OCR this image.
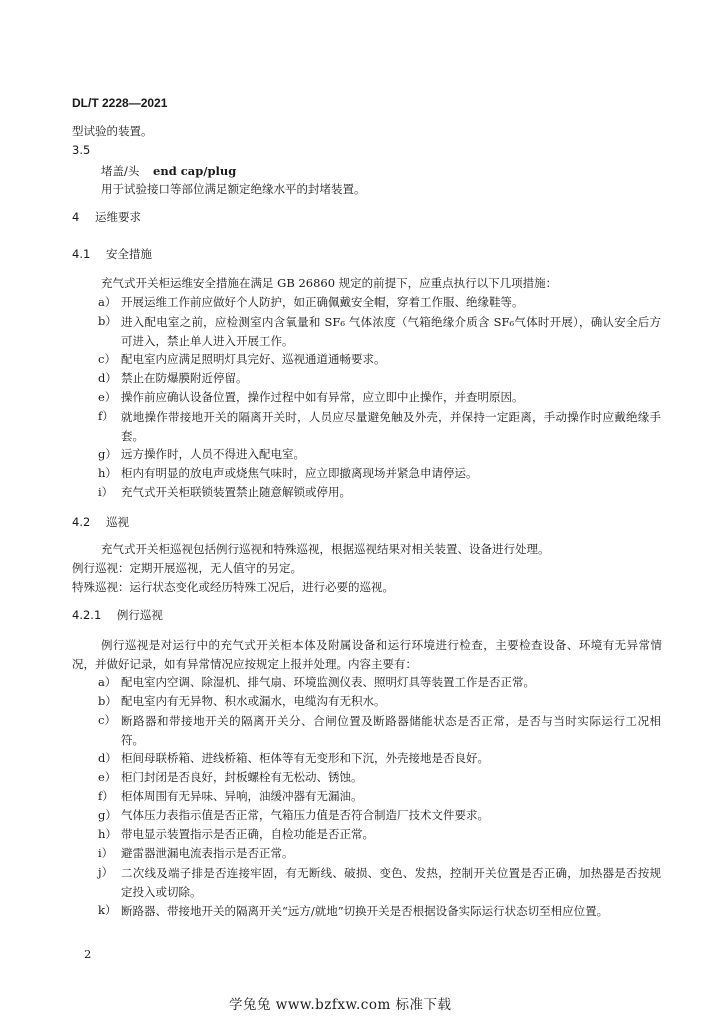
DL/T 2228—2021
型试验的装置。
3.5
堵盖/头 end cap/plug
用于试验接口等部位满足额定绝缘水平的封堵装置。
4 运维要求
4.1 安全措施
充气式开关柜运维安全措施在满足 GB 26860 规定的前提下，应重点执行以下几项措施：
a） 开展运维工作前应做好个人防护，如正确佩戴安全帽，穿着工作服、绝缘鞋等。
b） 进入配电室之前，应检测室内含氧量和 SF₆ 气体浓度（气箱绝缘介质含 SF₆气体时开展），确认安全后方可进入，禁止单人进入开展工作。
c） 配电室内应满足照明灯具完好、巡视通道通畅要求。
d） 禁止在防爆膜附近停留。
e） 操作前应确认设备位置，操作过程中如有异常，应立即中止操作，并查明原因。
f） 就地操作带接地开关的隔离开关时，人员应尽量避免触及外壳，并保持一定距离，手动操作时应戴绝缘手套。
g） 远方操作时，人员不得进入配电室。
h） 柜内有明显的放电声或烧焦气味时，应立即撤离现场并紧急申请停运。
i） 充气式开关柜联锁装置禁止随意解锁或停用。
4.2 巡视
充气式开关柜巡视包括例行巡视和特殊巡视，根据巡视结果对相关装置、设备进行处理。
例行巡视：定期开展巡视，无人值守的另定。
特殊巡视：运行状态变化或经历特殊工况后，进行必要的巡视。
4.2.1 例行巡视
例行巡视是对运行中的充气式开关柜本体及附属设备和运行环境进行检查，主要检查设备、环境有无异常情况，并做好记录，如有异常情况应按规定上报并处理。内容主要有：
a） 配电室内空调、除湿机、排气扇、环境监测仪表、照明灯具等装置工作是否正常。
b） 配电室内有无异物、积水或漏水，电缆沟有无积水。
c） 断路器和带接地开关的隔离开关分、合闸位置及断路器储能状态是否正常，是否与当时实际运行工况相符。
d） 柜间母联桥箱、进线桥箱、柜体等有无变形和下沉，外壳接地是否良好。
e） 柜门封闭是否良好，封板螺栓有无松动、锈蚀。
f） 柜体周围有无异味、异响，油缓冲器有无漏油。
g） 气体压力表指示值是否正常，气箱压力值是否符合制造厂技术文件要求。
h） 带电显示装置指示是否正确，自检功能是否正常。
i） 避雷器泄漏电流表指示是否正常。
j） 二次线及端子排是否连接牢固，有无断线、破损、变色、发热，控制开关位置是否正确，加热器是否按规定投入或切除。
k） 断路器、带接地开关的隔离开关“远方/就地”切换开关是否根据设备实际运行状态切至相应位置。
2
学兔兔 www.bzfxw.com 标准下载
